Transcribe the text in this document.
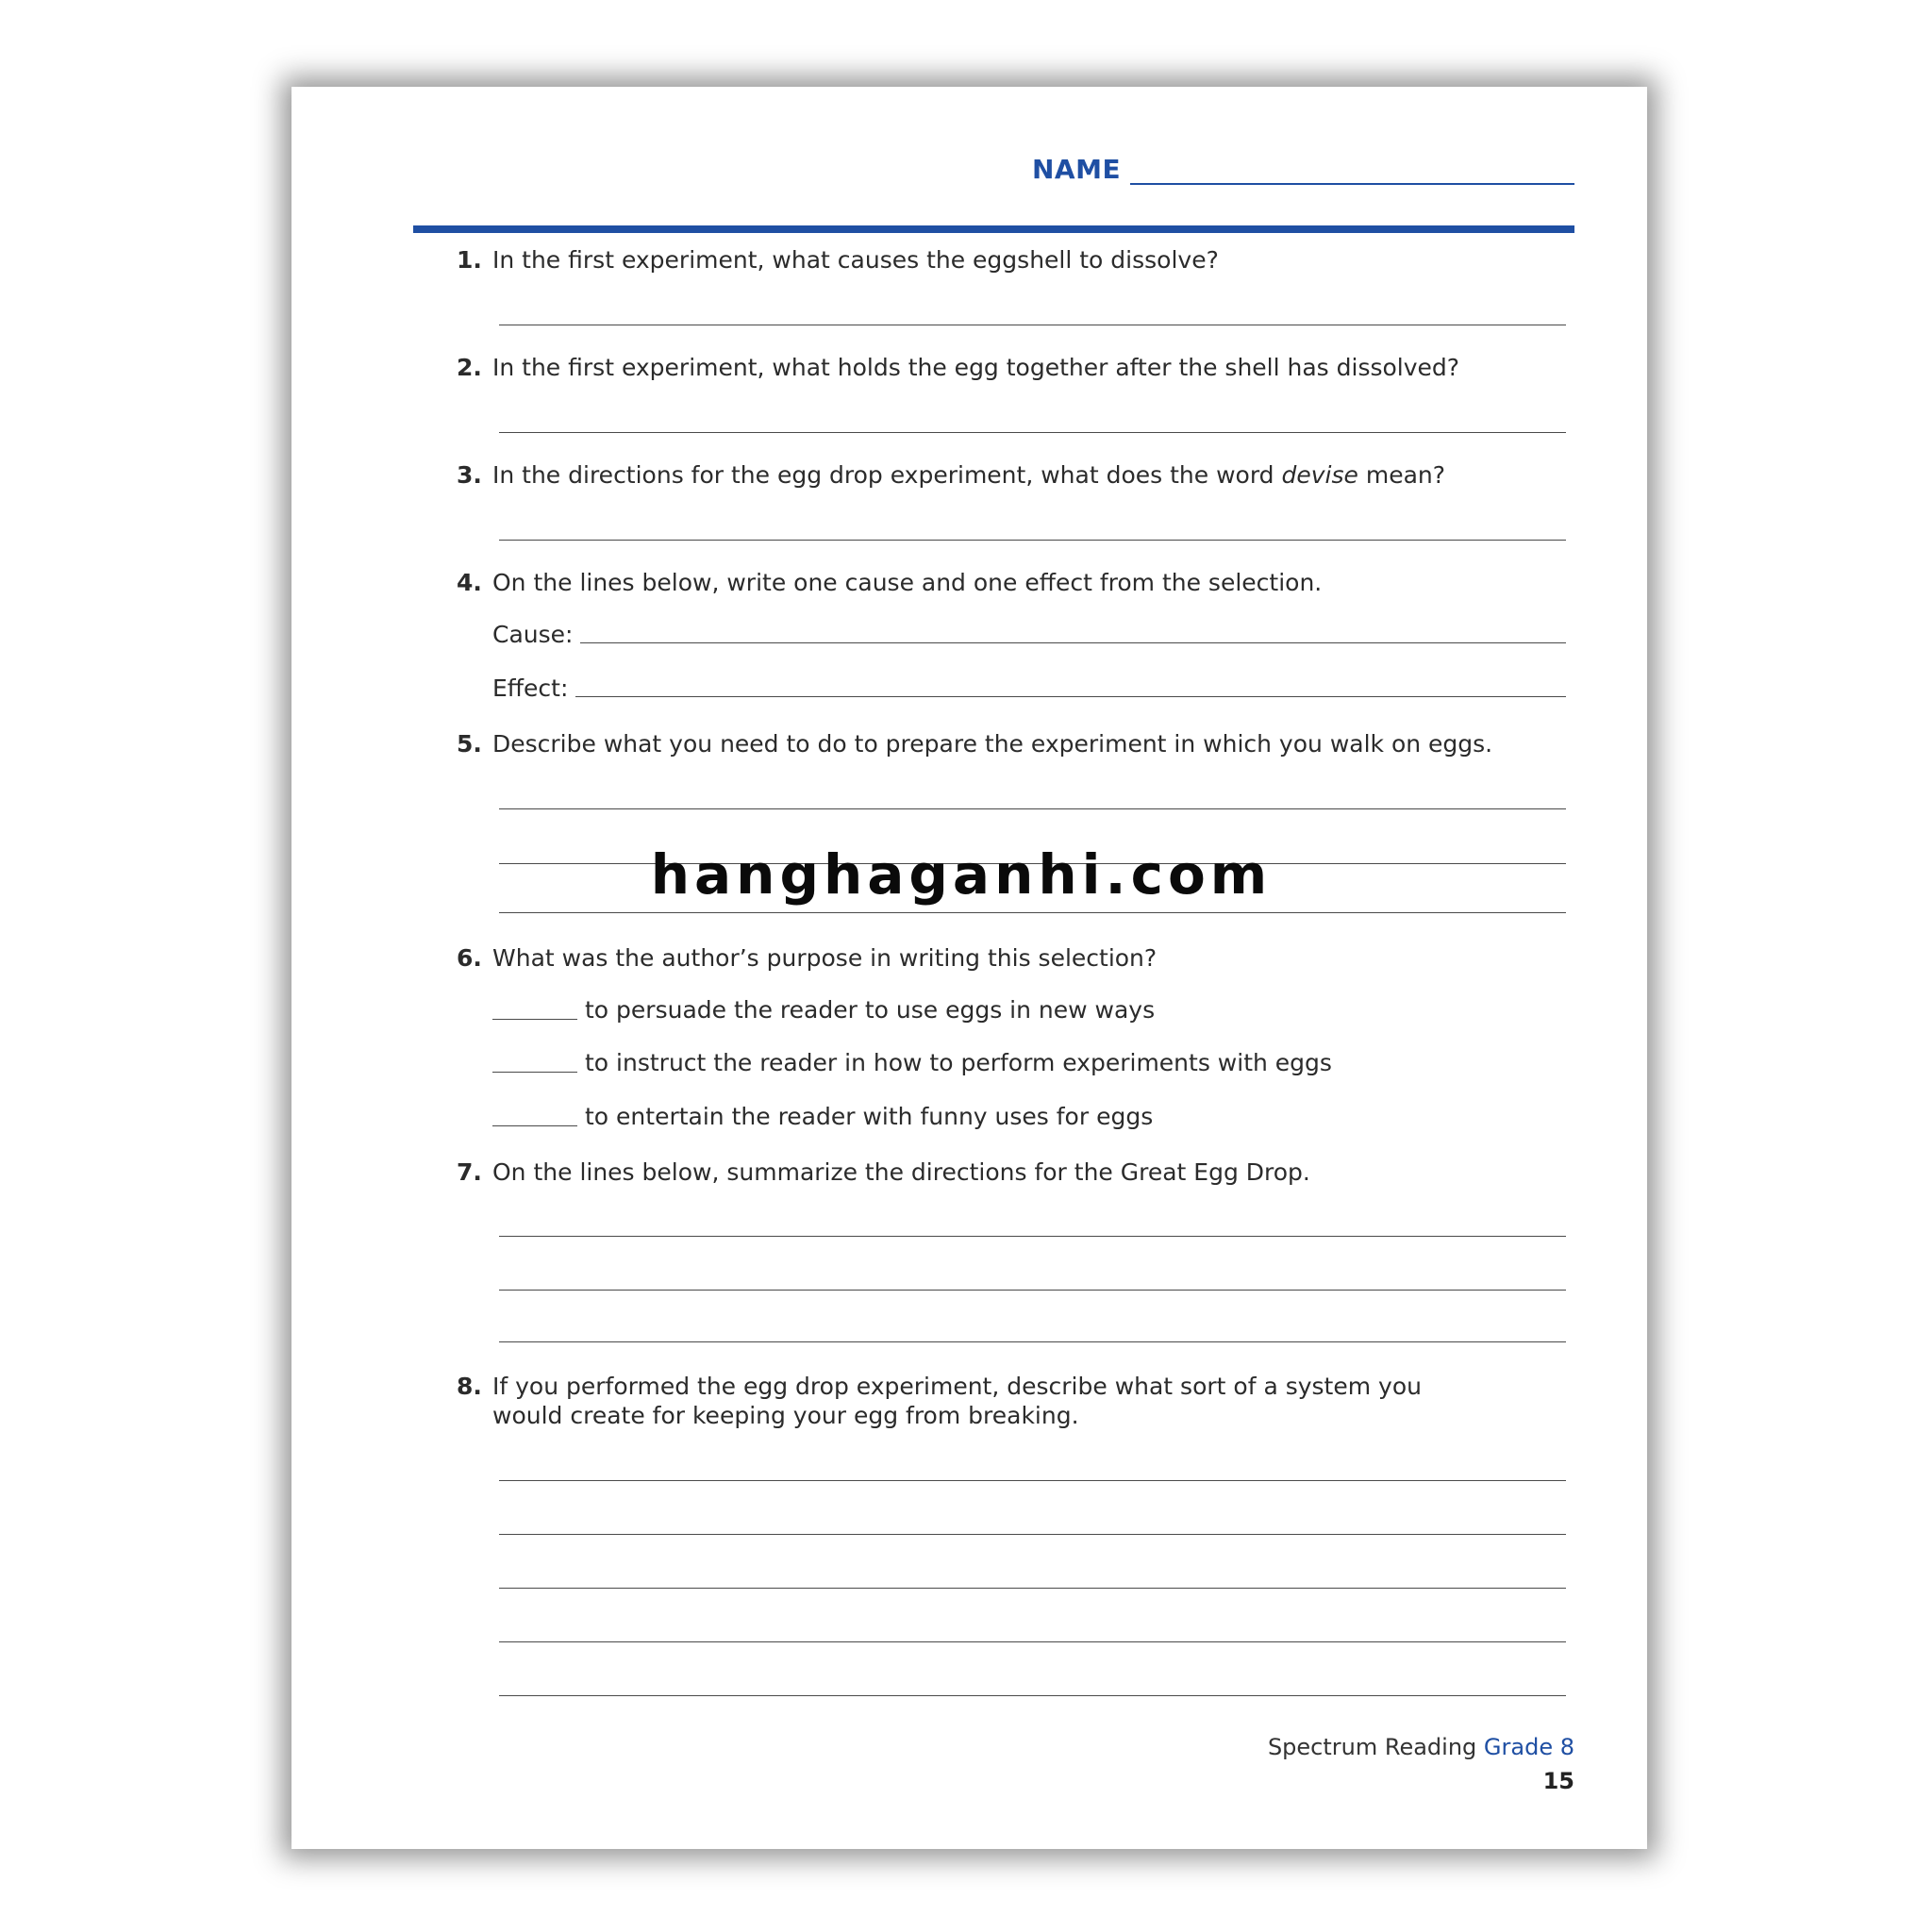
NAME
1. In the first experiment, what causes the eggshell to dissolve?
2. In the first experiment, what holds the egg together after the shell has dissolved?
3. In the directions for the egg drop experiment, what does the word devise mean?
4. On the lines below, write one cause and one effect from the selection.
Cause:
Effect:
5. Describe what you need to do to prepare the experiment in which you walk on eggs.
6. What was the author’s purpose in writing this selection?
to persuade the reader to use eggs in new ways
to instruct the reader in how to perform experiments with eggs
to entertain the reader with funny uses for eggs
7. On the lines below, summarize the directions for the Great Egg Drop.
8. If you performed the egg drop experiment, describe what sort of a system you would create for keeping your egg from breaking.
Spectrum Reading Grade 8
15
hanghaganhi.com
